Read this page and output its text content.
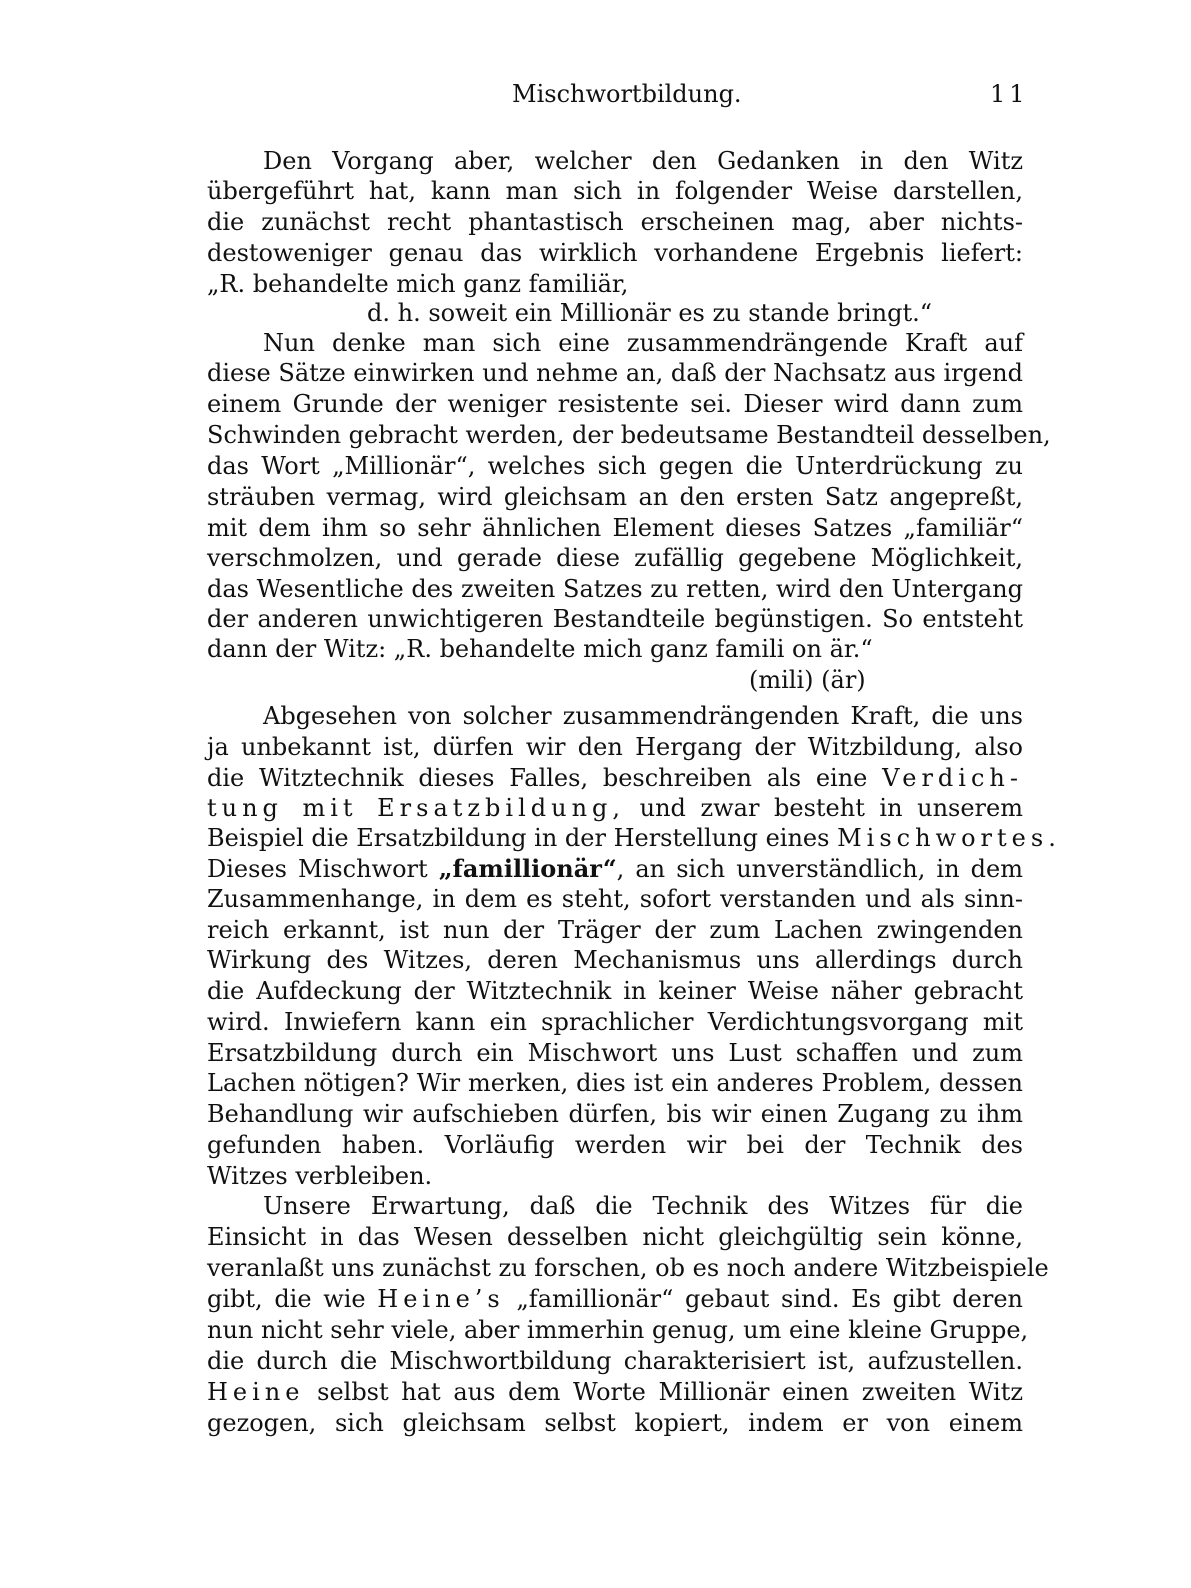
Mischwortbildung.	11
Den Vorgang aber, welcher den Gedanken in den Witz
übergeführt hat, kann man sich in folgender Weise darstellen,
die zunächst recht phantastisch erscheinen mag, aber nichts-
destoweniger genau das wirklich vorhandene Ergebnis liefert:
„R. behandelte mich ganz familiär,
d. h. soweit ein Millionär es zu stande bringt.“
Nun denke man sich eine zusammendrängende Kraft auf
diese Sätze einwirken und nehme an, daß der Nachsatz aus irgend
einem Grunde der weniger resistente sei. Dieser wird dann zum
Schwinden gebracht werden, der bedeutsame Bestandteil desselben,
das Wort „Millionär“, welches sich gegen die Unterdrückung zu
sträuben vermag, wird gleichsam an den ersten Satz angepreßt,
mit dem ihm so sehr ähnlichen Element dieses Satzes „familiär“
verschmolzen, und gerade diese zufällig gegebene Möglichkeit,
das Wesentliche des zweiten Satzes zu retten, wird den Untergang
der anderen unwichtigeren Bestandteile begünstigen. So entsteht
dann der Witz: „R. behandelte mich ganz famili on är.“
(mili) (är)
Abgesehen von solcher zusammendrängenden Kraft, die uns
ja unbekannt ist, dürfen wir den Hergang der Witzbildung, also
die Witztechnik dieses Falles, beschreiben als eine Verdich-
tung mit Ersatzbildung, und zwar besteht in unserem
Beispiel die Ersatzbildung in der Herstellung eines Mischwortes.
Dieses Mischwort „famillionär“, an sich unverständlich, in dem
Zusammenhange, in dem es steht, sofort verstanden und als sinn-
reich erkannt, ist nun der Träger der zum Lachen zwingenden
Wirkung des Witzes, deren Mechanismus uns allerdings durch
die Aufdeckung der Witztechnik in keiner Weise näher gebracht
wird. Inwiefern kann ein sprachlicher Verdichtungsvorgang mit
Ersatzbildung durch ein Mischwort uns Lust schaffen und zum
Lachen nötigen? Wir merken, dies ist ein anderes Problem, dessen
Behandlung wir aufschieben dürfen, bis wir einen Zugang zu ihm
gefunden haben. Vorläufig werden wir bei der Technik des
Witzes verbleiben.
Unsere Erwartung, daß die Technik des Witzes für die
Einsicht in das Wesen desselben nicht gleichgültig sein könne,
veranlaßt uns zunächst zu forschen, ob es noch andere Witzbeispiele
gibt, die wie Heine’s „famillionär“ gebaut sind. Es gibt deren
nun nicht sehr viele, aber immerhin genug, um eine kleine Gruppe,
die durch die Mischwortbildung charakterisiert ist, aufzustellen.
Heine selbst hat aus dem Worte Millionär einen zweiten Witz
gezogen, sich gleichsam selbst kopiert, indem er von einem
